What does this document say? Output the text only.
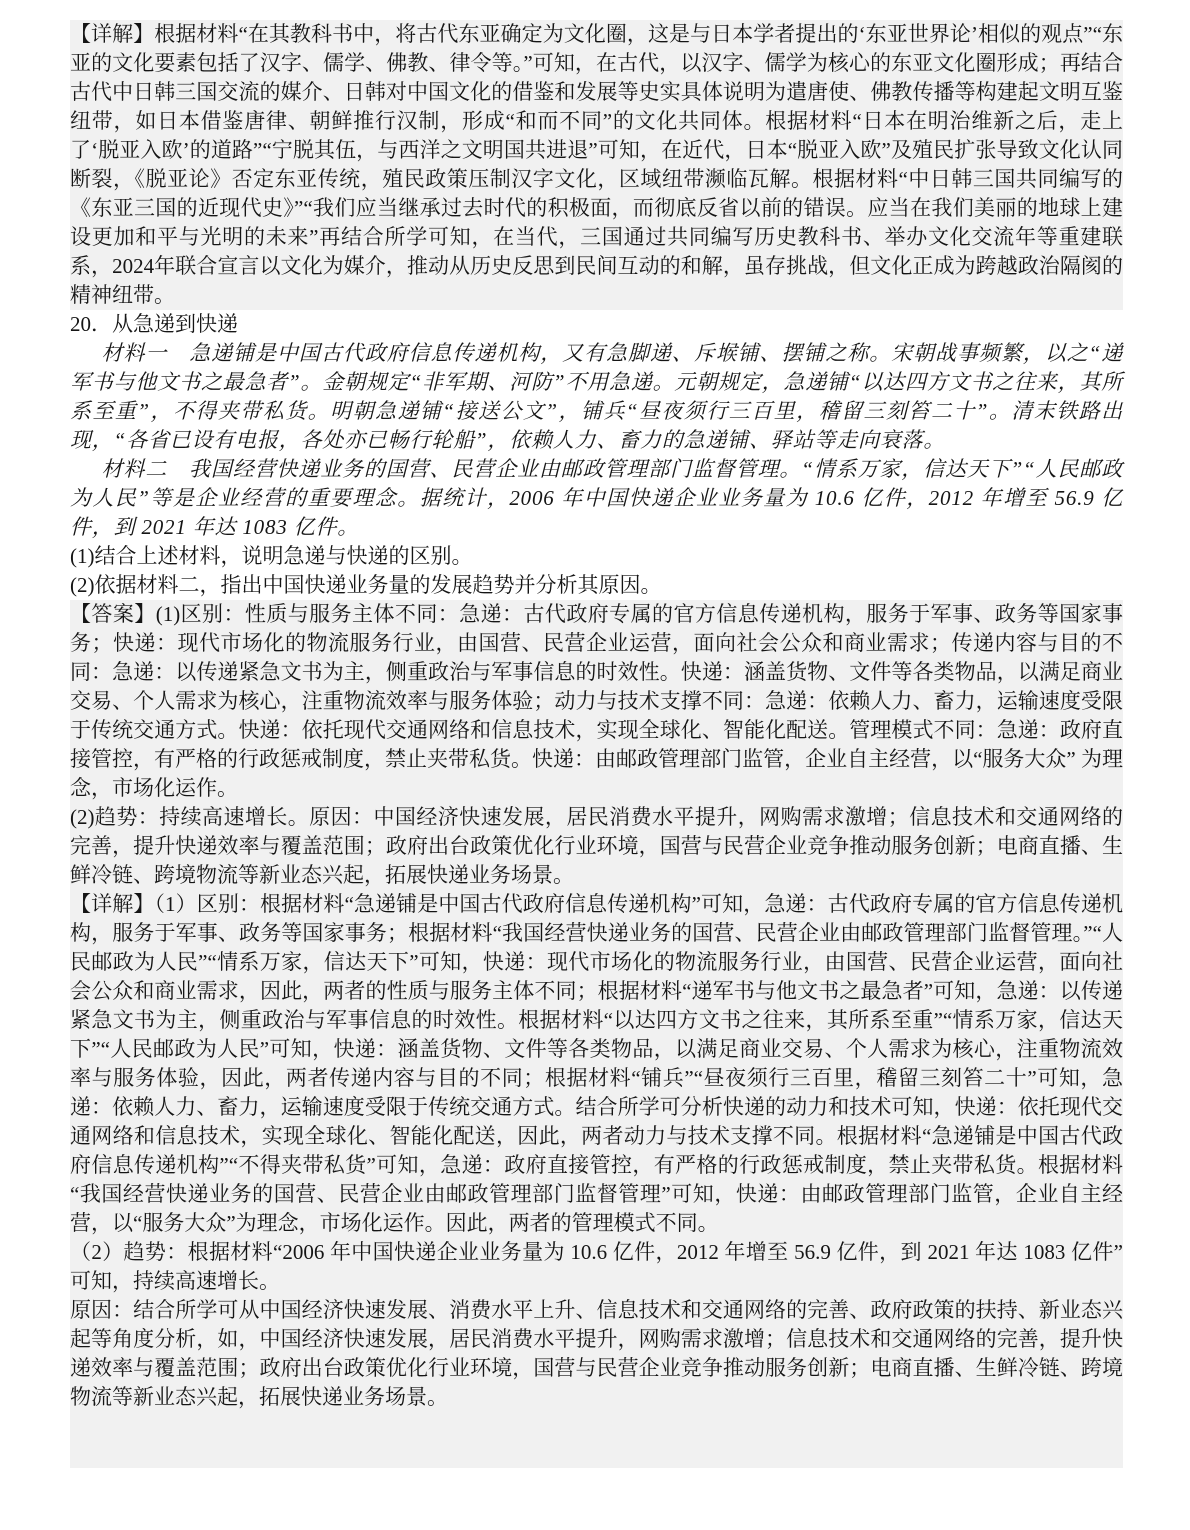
【详解】根据材料“在其教科书中，将古代东亚确定为文化圈，这是与日本学者提出的‘东亚世界论’相似的观点”“东亚的文化要素包括了汉字、儒学、佛教、律令等。”可知，在古代，以汉字、儒学为核心的东亚文化圈形成；再结合古代中日韩三国交流的媒介、日韩对中国文化的借鉴和发展等史实具体说明为遣唐使、佛教传播等构建起文明互鉴纽带，如日本借鉴唐律、朝鲜推行汉制，形成“和而不同”的文化共同体。根据材料“日本在明治维新之后，走上了‘脱亚入欧’的道路”“宁脱其伍，与西洋之文明国共进退”可知，在近代，日本“脱亚入欧”及殖民扩张导致文化认同断裂，《脱亚论》否定东亚传统，殖民政策压制汉字文化，区域纽带濒临瓦解。根据材料“中日韩三国共同编写的《东亚三国的近现代史》”“我们应当继承过去时代的积极面，而彻底反省以前的错误。应当在我们美丽的地球上建设更加和平与光明的未来”再结合所学可知，在当代，三国通过共同编写历史教科书、举办文化交流年等重建联系，2024年联合宣言以文化为媒介，推动从历史反思到民间互动的和解，虽存挑战，但文化正成为跨越政治隔阂的精神纽带。

20．从急递到快递

材料一　急递铺是中国古代政府信息传递机构，又有急脚递、斥堠铺、摆铺之称。宋朝战事频繁，以之“递军书与他文书之最急者”。金朝规定“非军期、河防”不用急递。元朝规定，急递铺“以达四方文书之往来，其所系至重”，不得夹带私货。明朝急递铺“接送公文”，铺兵“昼夜须行三百里，稽留三刻笞二十”。清末铁路出现，“各省已设有电报，各处亦已畅行轮船”，依赖人力、畜力的急递铺、驿站等走向衰落。

材料二　我国经营快递业务的国营、民营企业由邮政管理部门监督管理。“情系万家，信达天下”“人民邮政为人民”等是企业经营的重要理念。据统计，2006 年中国快递企业业务量为 10.6 亿件，2012 年增至 56.9 亿件，到 2021 年达 1083 亿件。

(1)结合上述材料，说明急递与快递的区别。

(2)依据材料二，指出中国快递业务量的发展趋势并分析其原因。

【答案】(1)区别：性质与服务主体不同：急递：古代政府专属的官方信息传递机构，服务于军事、政务等国家事务；快递：现代市场化的物流服务行业，由国营、民营企业运营，面向社会公众和商业需求；传递内容与目的不同：急递：以传递紧急文书为主，侧重政治与军事信息的时效性。快递：涵盖货物、文件等各类物品，以满足商业交易、个人需求为核心，注重物流效率与服务体验；动力与技术支撑不同：急递：依赖人力、畜力，运输速度受限于传统交通方式。快递：依托现代交通网络和信息技术，实现全球化、智能化配送。管理模式不同：急递：政府直接管控，有严格的行政惩戒制度，禁止夹带私货。快递：由邮政管理部门监管，企业自主经营，以“服务大众” 为理念，市场化运作。

(2)趋势：持续高速增长。原因：中国经济快速发展，居民消费水平提升，网购需求激增；信息技术和交通网络的完善，提升快递效率与覆盖范围；政府出台政策优化行业环境，国营与民营企业竞争推动服务创新；电商直播、生鲜冷链、跨境物流等新业态兴起，拓展快递业务场景。

【详解】（1）区别：根据材料“急递铺是中国古代政府信息传递机构”可知，急递：古代政府专属的官方信息传递机构，服务于军事、政务等国家事务；根据材料“我国经营快递业务的国营、民营企业由邮政管理部门监督管理。”“人民邮政为人民”“情系万家，信达天下”可知，快递：现代市场化的物流服务行业，由国营、民营企业运营，面向社会公众和商业需求，因此，两者的性质与服务主体不同；根据材料“递军书与他文书之最急者”可知，急递：以传递紧急文书为主，侧重政治与军事信息的时效性。根据材料“以达四方文书之往来，其所系至重”“情系万家，信达天下”“人民邮政为人民”可知，快递：涵盖货物、文件等各类物品，以满足商业交易、个人需求为核心，注重物流效率与服务体验，因此，两者传递内容与目的不同；根据材料“铺兵”“昼夜须行三百里，稽留三刻笞二十”可知，急递：依赖人力、畜力，运输速度受限于传统交通方式。结合所学可分析快递的动力和技术可知，快递：依托现代交通网络和信息技术，实现全球化、智能化配送，因此，两者动力与技术支撑不同。根据材料“急递铺是中国古代政府信息传递机构”“不得夹带私货”可知，急递：政府直接管控，有严格的行政惩戒制度，禁止夹带私货。根据材料“我国经营快递业务的国营、民营企业由邮政管理部门监督管理”可知，快递：由邮政管理部门监管，企业自主经营，以“服务大众”为理念，市场化运作。因此，两者的管理模式不同。

（2）趋势：根据材料“2006 年中国快递企业业务量为 10.6 亿件，2012 年增至 56.9 亿件，到 2021 年达 1083 亿件”可知，持续高速增长。

原因：结合所学可从中国经济快速发展、消费水平上升、信息技术和交通网络的完善、政府政策的扶持、新业态兴起等角度分析，如，中国经济快速发展，居民消费水平提升，网购需求激增；信息技术和交通网络的完善，提升快递效率与覆盖范围；政府出台政策优化行业环境，国营与民营企业竞争推动服务创新；电商直播、生鲜冷链、跨境物流等新业态兴起，拓展快递业务场景。
